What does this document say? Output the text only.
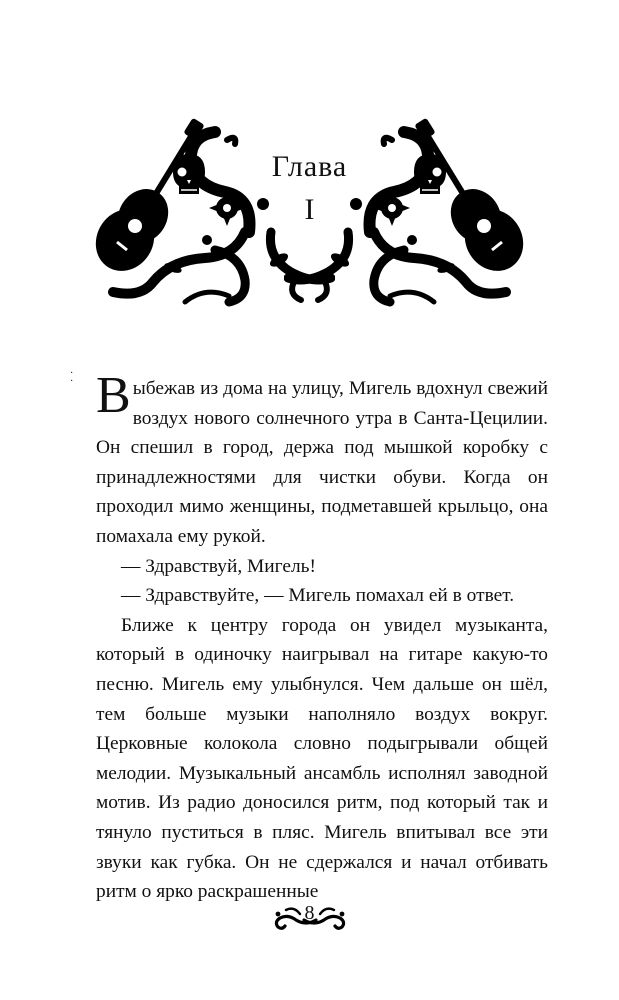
Глава
I
·
· Выбежав из дома на улицу, Мигель вдохнул свежий воздух нового солнечного утра в Санта-Цецилии. Он спешил в город, держа под мышкой коробку с принадлежностями для чистки обуви. Когда он проходил мимо женщины, подметавшей крыльцо, она помахала ему рукой.

— Здравствуй, Мигель!

— Здравствуйте, — Мигель помахал ей в ответ.

Ближе к центру города он увидел музыканта, который в одиночку наигрывал на гитаре какую-то песню. Мигель ему улыбнулся. Чем дальше он шёл, тем больше музыки наполняло воздух вокруг. Церковные колокола словно подыгрывали общей мелодии. Музыкальный ансамбль исполнял заводной мотив. Из радио доносился ритм, под который так и тянуло пуститься в пляс. Мигель впитывал все эти звуки как губка. Он не сдержался и начал отбивать ритм о ярко раскрашенные

8
